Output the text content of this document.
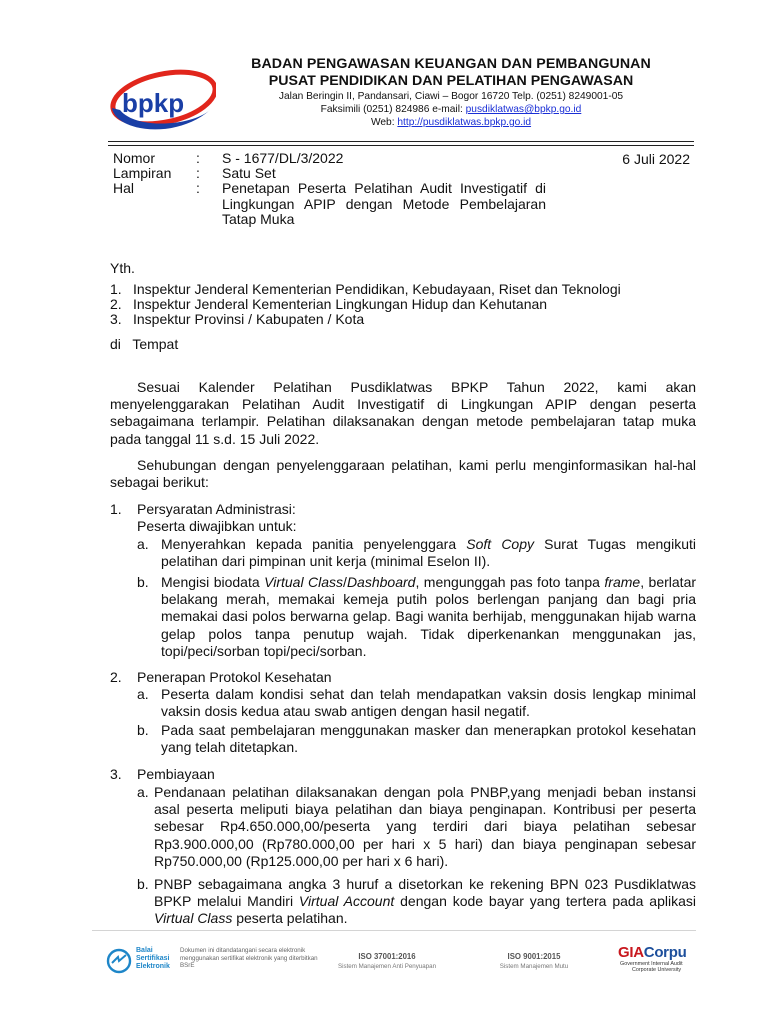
bpkp
BADAN PENGAWASAN KEUANGAN DAN PEMBANGUNAN
PUSAT PENDIDIKAN DAN PELATIHAN PENGAWASAN
Jalan Beringin II, Pandansari, Ciawi – Bogor 16720 Telp. (0251) 8249001-05
Faksimili (0251) 824986 e-mail: pusdiklatwas@bpkp.go.id
Web: http://pusdiklatwas.bpkp.go.id
Nomor	: S - 1677/DL/3/2022	6 Juli 2022
Lampiran : Satu Set
Hal	: Penetapan Peserta Pelatihan Audit Investigatif di Lingkungan APIP dengan Metode Pembelajaran Tatap Muka
Yth.
1. Inspektur Jenderal Kementerian Pendidikan, Kebudayaan, Riset dan Teknologi
2. Inspektur Jenderal Kementerian Lingkungan Hidup dan Kehutanan
3. Inspektur Provinsi / Kabupaten / Kota
di   Tempat
Sesuai Kalender Pelatihan Pusdiklatwas BPKP Tahun 2022, kami akan menyelenggarakan Pelatihan Audit Investigatif di Lingkungan APIP dengan peserta sebagaimana terlampir. Pelatihan dilaksanakan dengan metode pembelajaran tatap muka pada tanggal 11 s.d. 15 Juli 2022.
Sehubungan dengan penyelenggaraan pelatihan, kami perlu menginformasikan hal-hal sebagai berikut:
1. Persyaratan Administrasi:
Peserta diwajibkan untuk:
a. Menyerahkan kepada panitia penyelenggara Soft Copy Surat Tugas mengikuti pelatihan dari pimpinan unit kerja (minimal Eselon II).
b. Mengisi biodata Virtual Class/Dashboard, mengunggah pas foto tanpa frame, berlatar belakang merah, memakai kemeja putih polos berlengan panjang dan bagi pria memakai dasi polos berwarna gelap. Bagi wanita berhijab, menggunakan hijab warna gelap polos tanpa penutup wajah. Tidak diperkenankan menggunakan jas, topi/peci/sorban topi/peci/sorban.
2. Penerapan Protokol Kesehatan
a. Peserta dalam kondisi sehat dan telah mendapatkan vaksin dosis lengkap minimal vaksin dosis kedua atau swab antigen dengan hasil negatif.
b. Pada saat pembelajaran menggunakan masker dan menerapkan protokol kesehatan yang telah ditetapkan.
3. Pembiayaan
a. Pendanaan pelatihan dilaksanakan dengan pola PNBP,yang menjadi beban instansi asal peserta meliputi biaya pelatihan dan biaya penginapan. Kontribusi per peserta sebesar Rp4.650.000,00/peserta yang terdiri dari biaya pelatihan sebesar Rp3.900.000,00 (Rp780.000,00 per hari x 5 hari) dan biaya penginapan sebesar Rp750.000,00 (Rp125.000,00 per hari x 6 hari).
b. PNBP sebagaimana angka 3 huruf a disetorkan ke rekening BPN 023 Pusdiklatwas BPKP melalui Mandiri Virtual Account dengan kode bayar yang tertera pada aplikasi Virtual Class peserta pelatihan.
Balai
Sertifikasi
Elektronik
Dokumen ini ditandatangani secara elektronik menggunakan sertifikat elektronik yang diterbitkan BSrE
ISO 37001:2016
Sistem Manajemen Anti Penyuapan
ISO 9001:2015
Sistem Manajemen Mutu
GIACorpu
Government Internal Audit
Corporate University
